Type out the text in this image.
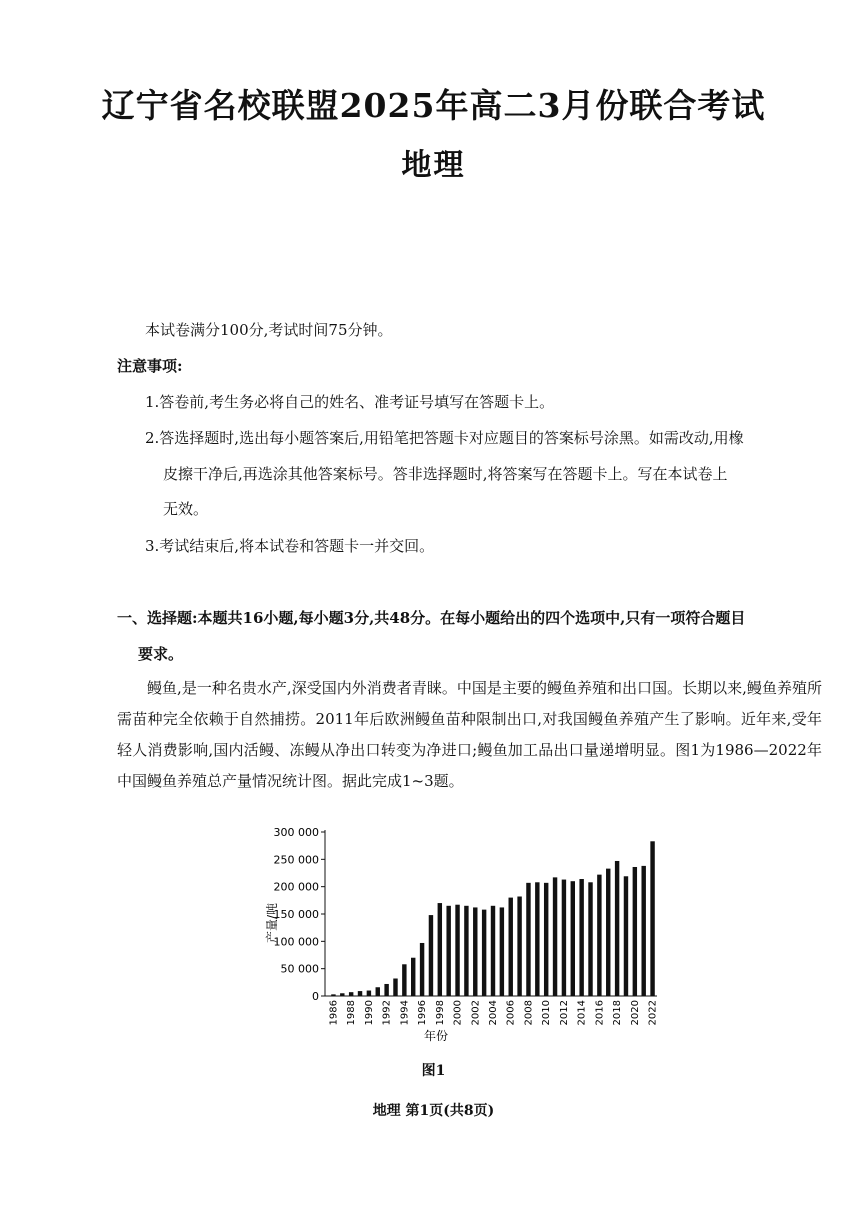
辽宁省名校联盟2025年高二3月份联合考试
地理
本试卷满分100分,考试时间75分钟。
注意事项:
1.答卷前,考生务必将自己的姓名、准考证号填写在答题卡上。
2.答选择题时,选出每小题答案后,用铅笔把答题卡对应题目的答案标号涂黑。如需改动,用橡
皮擦干净后,再选涂其他答案标号。答非选择题时,将答案写在答题卡上。写在本试卷上
无效。
3.考试结束后,将本试卷和答题卡一并交回。
一、选择题:本题共16小题,每小题3分,共48分。在每小题给出的四个选项中,只有一项符合题目
要求。
鳗鱼,是一种名贵水产,深受国内外消费者青睐。中国是主要的鳗鱼养殖和出口国。长期以来,鳗鱼养殖所需苗种完全依赖于自然捕捞。2011年后欧洲鳗鱼苗种限制出口,对我国鳗鱼养殖产生了影响。近年来,受年轻人消费影响,国内活鳗、冻鳗从净出口转变为净进口;鳗鱼加工品出口量递增明显。图1为1986—2022年中国鳗鱼养殖总产量情况统计图。据此完成1~3题。
0
50 000
100 000
150 000
200 000
250 000
300 000
1986 1988 1990 1992 1994 1996 1998 2000 2002 2004 2006 2008 2010 2012 2014 2016 2018 2020 2022
产量/吨
年份
图1
地理 第1页(共8页)
